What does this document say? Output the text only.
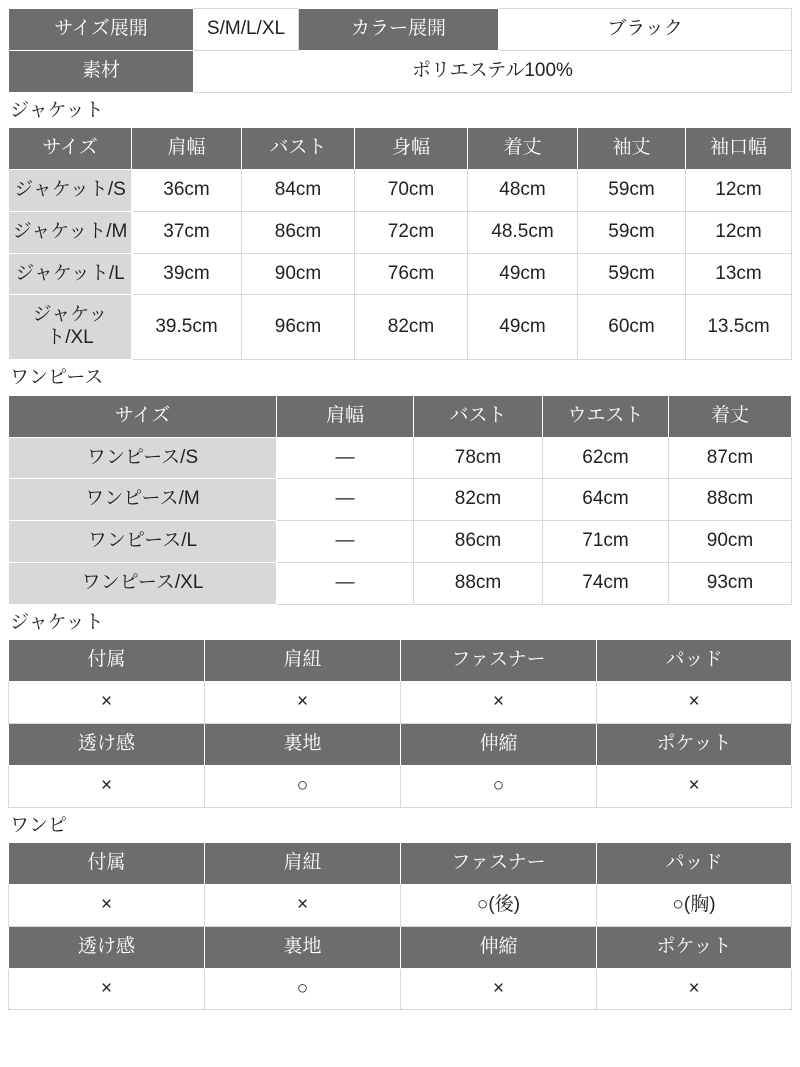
サイズ展開	S/M/L/XL	カラー展開	ブラック
素材	ポリエステル100%		
ジャケット
サイズ	肩幅	バスト	身幅	着丈	袖丈	袖口幅
ジャケット/S	36cm	84cm	70cm	48cm	59cm	12cm
ジャケット/M	37cm	86cm	72cm	48.5cm	59cm	12cm
ジャケット/L	39cm	90cm	76cm	49cm	59cm	13cm
ジャケット/XL	39.5cm	96cm	82cm	49cm	60cm	13.5cm
ワンピース
サイズ	肩幅	バスト	ウエスト	着丈
ワンピース/S	―	78cm	62cm	87cm
ワンピース/M	―	82cm	64cm	88cm
ワンピース/L	―	86cm	71cm	90cm
ワンピース/XL	―	88cm	74cm	93cm
ジャケット
付属	肩紐	ファスナー	パッド
×	×	×	×
透け感	裏地	伸縮	ポケット
×	○	○	×
ワンピ
付属	肩紐	ファスナー	パッド
×	×	○(後)	○(胸)
透け感	裏地	伸縮	ポケット
×	○	×	×
